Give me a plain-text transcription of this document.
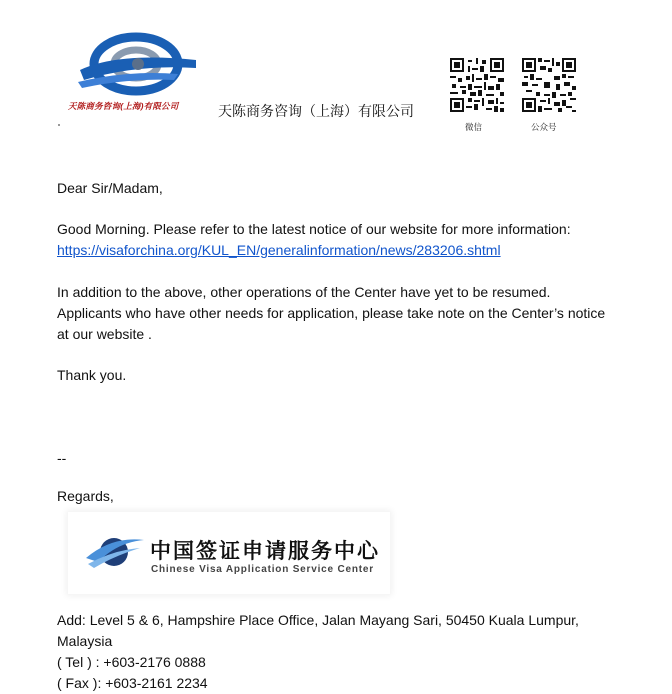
天陈商务咨询(上海)有限公司	天陈商务咨询（上海）有限公司
微信	公众号
Dear Sir/Madam,
Good Morning. Please refer to the latest notice of our website for more information:
https://visaforchina.org/KUL_EN/generalinformation/news/283206.shtml
In addition to the above, other operations of the Center have yet to be resumed.
Applicants who have other needs for application, please take note on the Center’s notice
at our website .
Thank you.
--
Regards,
中国签证申请服务中心
Chinese Visa Application Service Center
Add: Level 5 & 6, Hampshire Place Office, Jalan Mayang Sari, 50450 Kuala Lumpur,
Malaysia
( Tel ) : +603-2176 0888
( Fax ): +603-2161 2234
